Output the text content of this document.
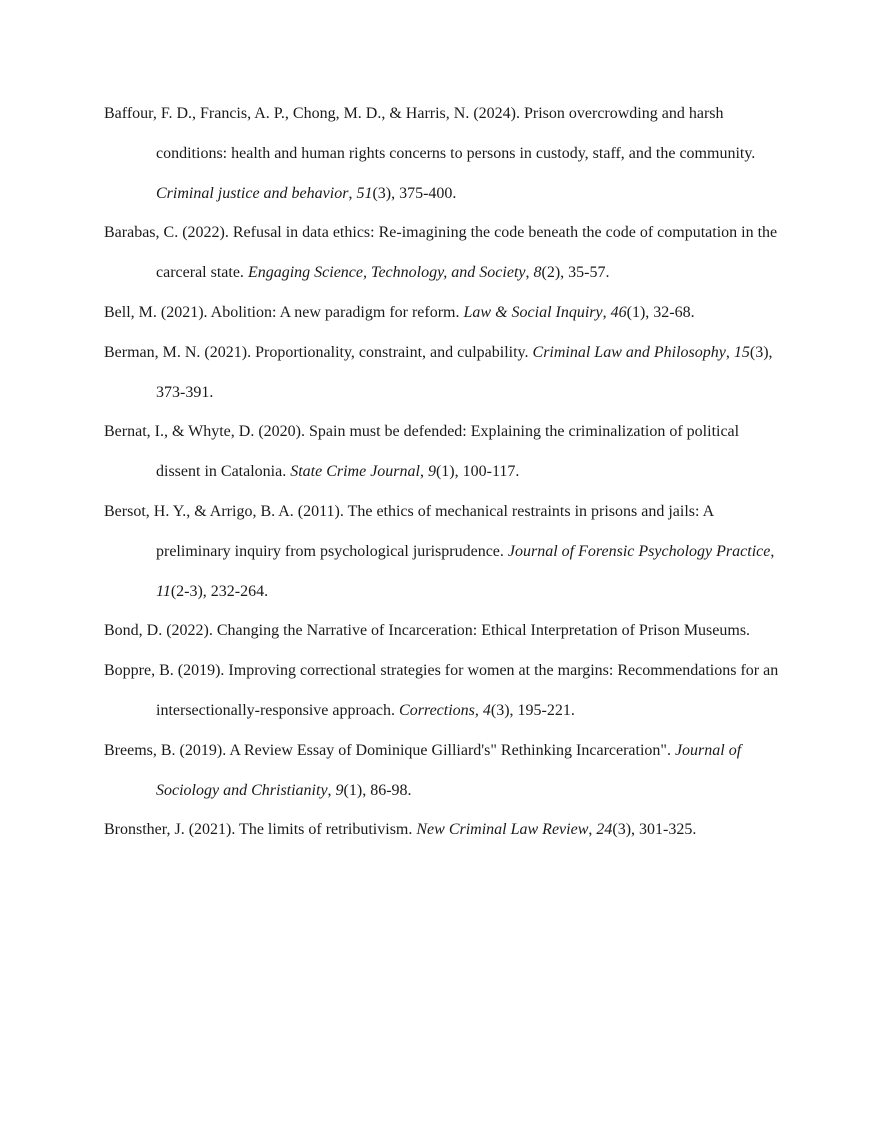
Baffour, F. D., Francis, A. P., Chong, M. D., & Harris, N. (2024). Prison overcrowding and harsh conditions: health and human rights concerns to persons in custody, staff, and the community. Criminal justice and behavior, 51(3), 375-400.

Barabas, C. (2022). Refusal in data ethics: Re-imagining the code beneath the code of computation in the carceral state. Engaging Science, Technology, and Society, 8(2), 35-57.

Bell, M. (2021). Abolition: A new paradigm for reform. Law & Social Inquiry, 46(1), 32-68.

Berman, M. N. (2021). Proportionality, constraint, and culpability. Criminal Law and Philosophy, 15(3), 373-391.

Bernat, I., & Whyte, D. (2020). Spain must be defended: Explaining the criminalization of political dissent in Catalonia. State Crime Journal, 9(1), 100-117.

Bersot, H. Y., & Arrigo, B. A. (2011). The ethics of mechanical restraints in prisons and jails: A preliminary inquiry from psychological jurisprudence. Journal of Forensic Psychology Practice, 11(2-3), 232-264.

Bond, D. (2022). Changing the Narrative of Incarceration: Ethical Interpretation of Prison Museums.

Boppre, B. (2019). Improving correctional strategies for women at the margins: Recommendations for an intersectionally-responsive approach. Corrections, 4(3), 195-221.

Breems, B. (2019). A Review Essay of Dominique Gilliard's" Rethinking Incarceration". Journal of Sociology and Christianity, 9(1), 86-98.

Bronsther, J. (2021). The limits of retributivism. New Criminal Law Review, 24(3), 301-325.
